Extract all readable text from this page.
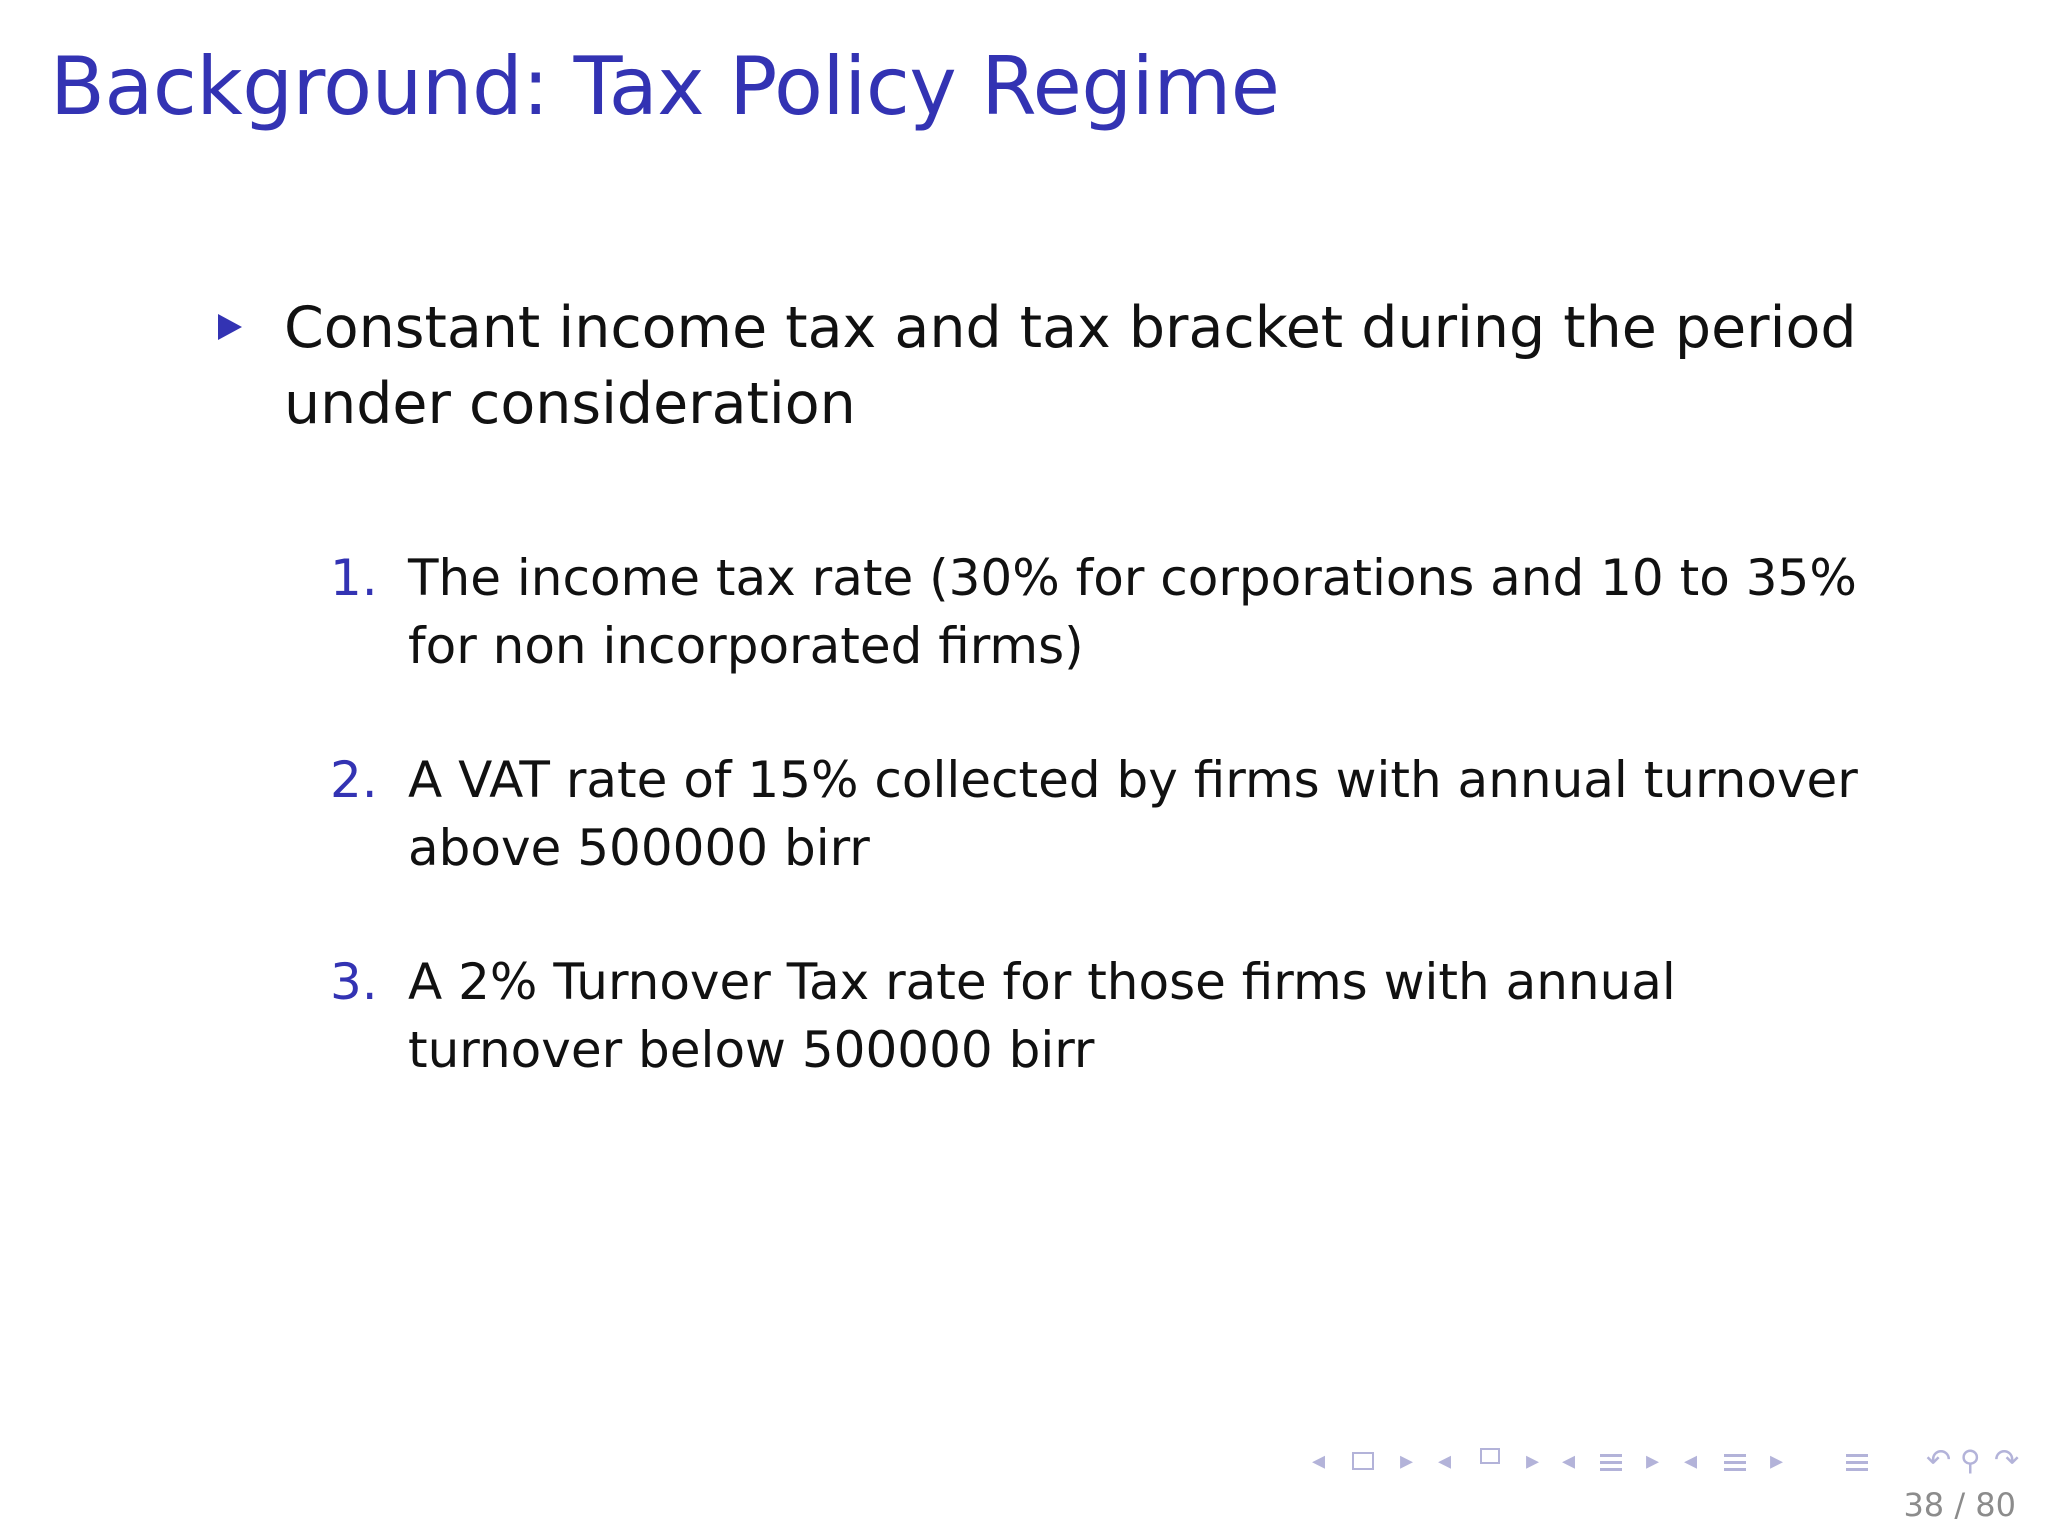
Background: Tax Policy Regime

Constant income tax and tax bracket during the period under consideration

1. The income tax rate (30% for corporations and 10 to 35% for non incorporated firms)

2. A VAT rate of 15% collected by firms with annual turnover above 500000 birr

3. A 2% Turnover Tax rate for those firms with annual turnover below 500000 birr

◂	▸ ◂	▸ ◂	▸ ◂	▸	↶ ⚲ ↷
38 / 80
